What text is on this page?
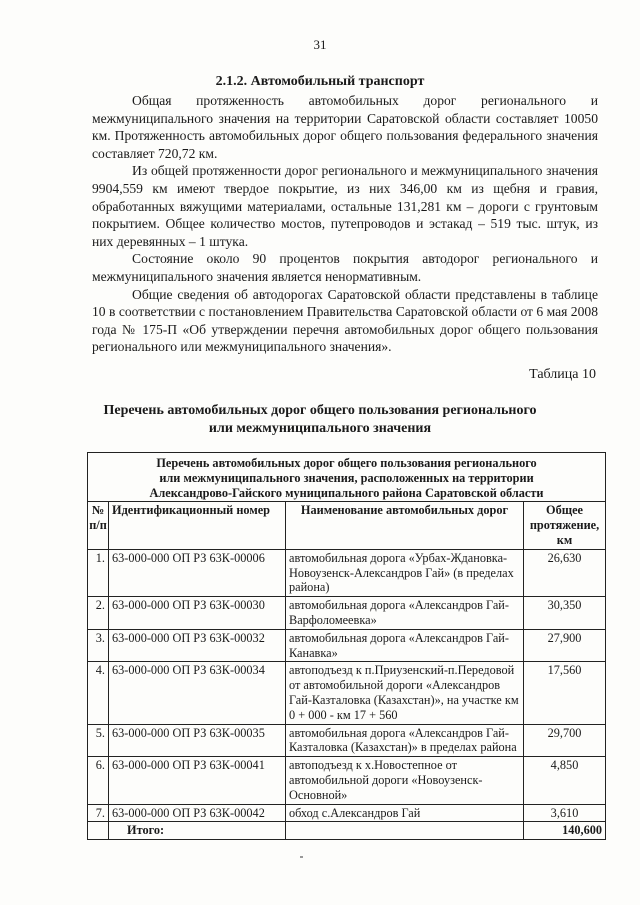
31
2.1.2. Автомобильный транспорт

Общая протяженность автомобильных дорог регионального и межмуниципального значения на территории Саратовской области составляет 10050 км. Протяженность автомобильных дорог общего пользования федерального значения составляет 720,72 км.

Из общей протяженности дорог регионального и межмуниципального значения 9904,559 км имеют твердое покрытие, из них 346,00 км из щебня и гравия, обработанных вяжущими материалами, остальные 131,281 км – дороги с грунтовым покрытием. Общее количество мостов, путепроводов и эстакад – 519 тыс. штук, из них деревянных – 1 штука.

Состояние около 90 процентов покрытия автодорог регионального и межмуниципального значения является ненормативным.

Общие сведения об автодорогах Саратовской области представлены в таблице 10 в соответствии с постановлением Правительства Саратовской области от 6 мая 2008 года № 175-П «Об утверждении перечня автомобильных дорог общего пользования регионального или межмуниципального значения».

Таблица 10
Перечень автомобильных дорог общего пользования регионального
или межмуниципального значения
Перечень автомобильных дорог общего пользования регионального
или межмуниципального значения, расположенных на территории
Александрово-Гайского муниципального района Саратовской области			

№ п/п	Идентификационный номер	Наименование автомобильных дорог	Общее протяжение, км
1.	63-000-000 ОП РЗ 63К-00006	автомобильная дорога «Урбах-Ждановка-Новоузенск-Александров Гай» (в пределах района)	26,630
2.	63-000-000 ОП РЗ 63К-00030	автомобильная дорога «Александров Гай-Варфоломеевка»	30,350
3.	63-000-000 ОП РЗ 63К-00032	автомобильная дорога «Александров Гай-Канавка»	27,900
4.	63-000-000 ОП РЗ 63К-00034	автоподъезд к п.Приузенский-п.Передовой от автомобильной дороги «Александров Гай-Казталовка (Казахстан)», на участке км 0 + 000 - км 17 + 560	17,560
5.	63-000-000 ОП РЗ 63К-00035	автомобильная дорога «Александров Гай-Казталовка (Казахстан)» в пределах района	29,700
6.	63-000-000 ОП РЗ 63К-00041	автоподъезд к х.Новостепное от автомобильной дороги «Новоузенск-Основной»	4,850
7.	63-000-000 ОП РЗ 63К-00042	обход с.Александров Гай	3,610
	Итого:		140,600
